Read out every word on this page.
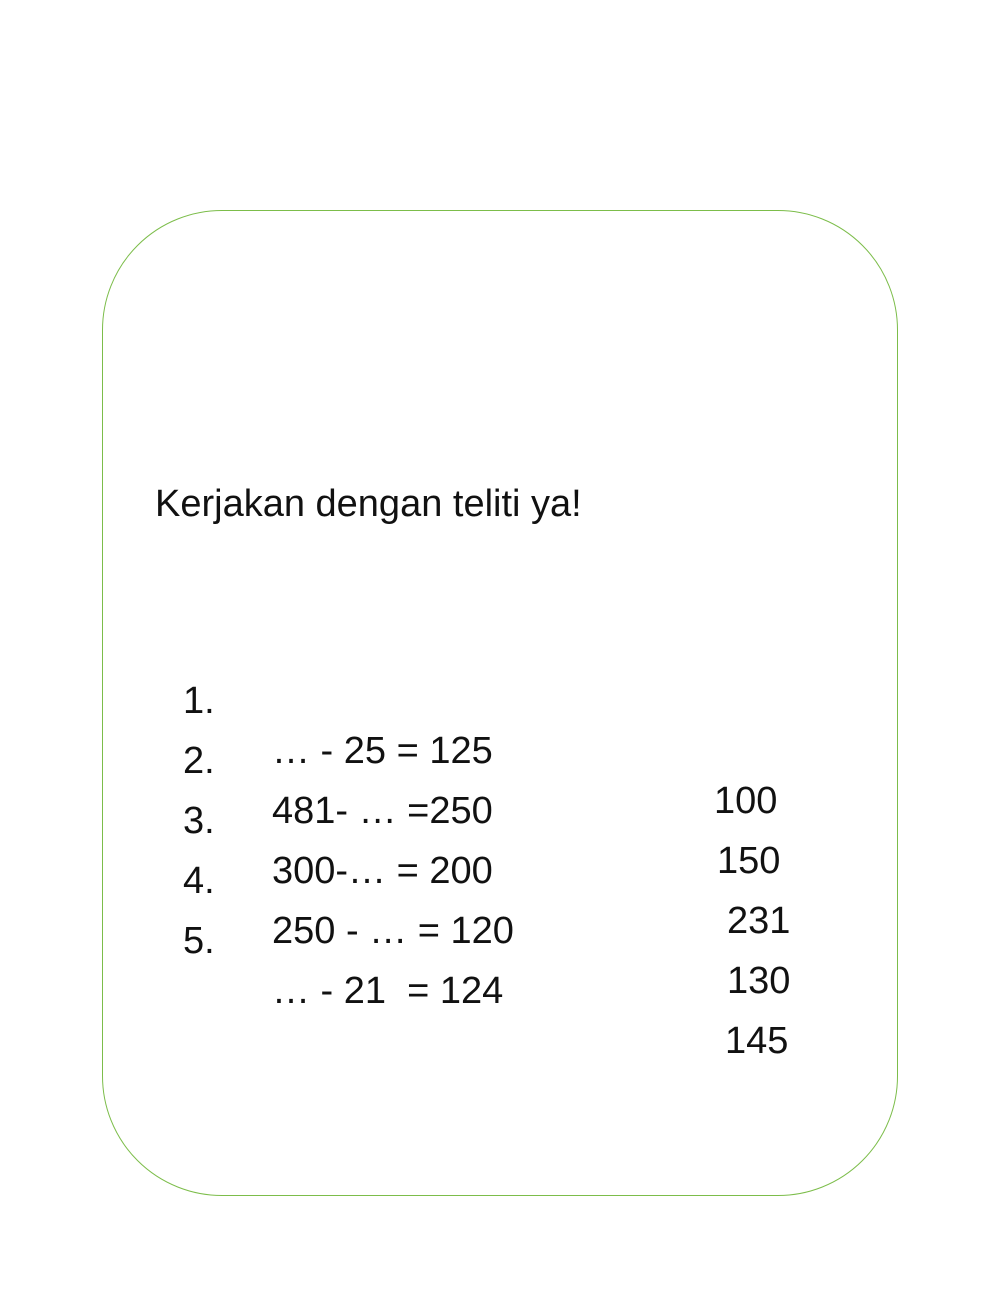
Kerjakan dengan teliti ya!

1.

… - 25 = 125

100

2.

481- … =250

150

3.

300-… = 200

231

4.

250 - … = 120

130

5.

… - 21  = 124

145
